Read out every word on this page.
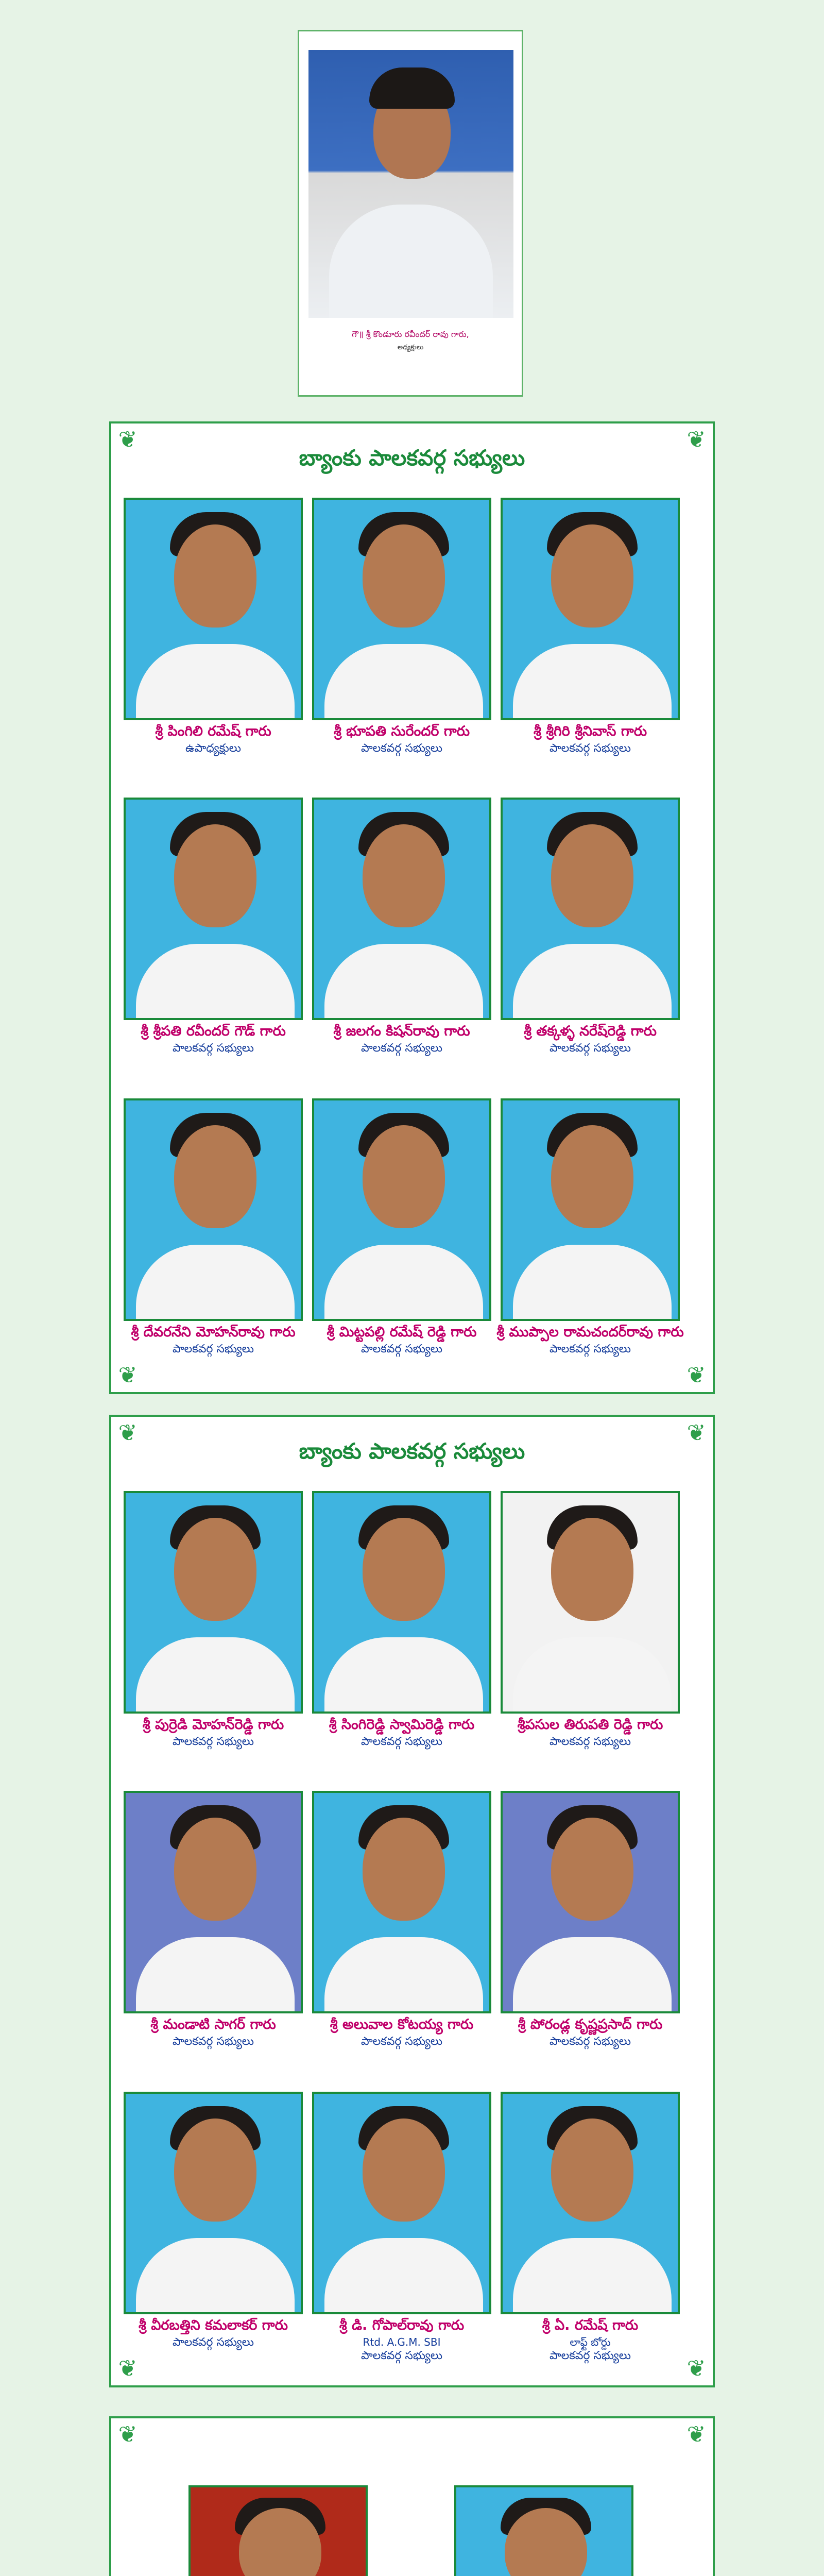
గౌ॥ శ్రీ కొండూరు రవీందర్ రావు గారు,
అధ్యక్షులు
❦	❦
❦	❦
బ్యాంకు పాలకవర్గ సభ్యులు
శ్రీ పింగిలి రమేష్ గారు
ఉపాధ్యక్షులు
శ్రీ భూపతి సురేందర్ గారు
పాలకవర్గ సభ్యులు
శ్రీ శ్రీగిరి శ్రీనివాస్ గారు
పాలకవర్గ సభ్యులు
శ్రీ శ్రీపతి రవీందర్ గౌడ్ గారు
పాలకవర్గ సభ్యులు
శ్రీ జలగం కిషన్‌రావు గారు
పాలకవర్గ సభ్యులు
శ్రీ తక్కళ్ళ నరేష్‌రెడ్డి గారు
పాలకవర్గ సభ్యులు
శ్రీ దేవరనేని మోహన్‌రావు గారు
పాలకవర్గ సభ్యులు
శ్రీ మిట్టపల్లి రమేష్ రెడ్డి గారు
పాలకవర్గ సభ్యులు
శ్రీ ముప్పాల రామచందర్‌రావు గారు
పాలకవర్గ సభ్యులు
❦	❦
❦	❦
బ్యాంకు పాలకవర్గ సభ్యులు
శ్రీ పుర్రెడి మోహన్‌రెడ్డి గారు
పాలకవర్గ సభ్యులు
శ్రీ సింగిరెడ్డి స్వామిరెడ్డి గారు
పాలకవర్గ సభ్యులు
శ్రీపసుల తిరుపతి రెడ్డి గారు
పాలకవర్గ సభ్యులు
శ్రీ మండాటి సాగర్ గారు
పాలకవర్గ సభ్యులు
శ్రీ అలువాల కోటయ్య గారు
పాలకవర్గ సభ్యులు
శ్రీ పోరండ్ల కృష్ణప్రసాద్ గారు
పాలకవర్గ సభ్యులు
శ్రీ వీరబత్తిని కమలాకర్ గారు
పాలకవర్గ సభ్యులు
శ్రీ డి. గోపాల్‌రావు గారు
Rtd. A.G.M. SBI
పాలకవర్గ సభ్యులు
శ్రీ ఏ. రమేష్ గారు
లాఫ్ట్ బోర్డు
పాలకవర్గ సభ్యులు
❦	❦
